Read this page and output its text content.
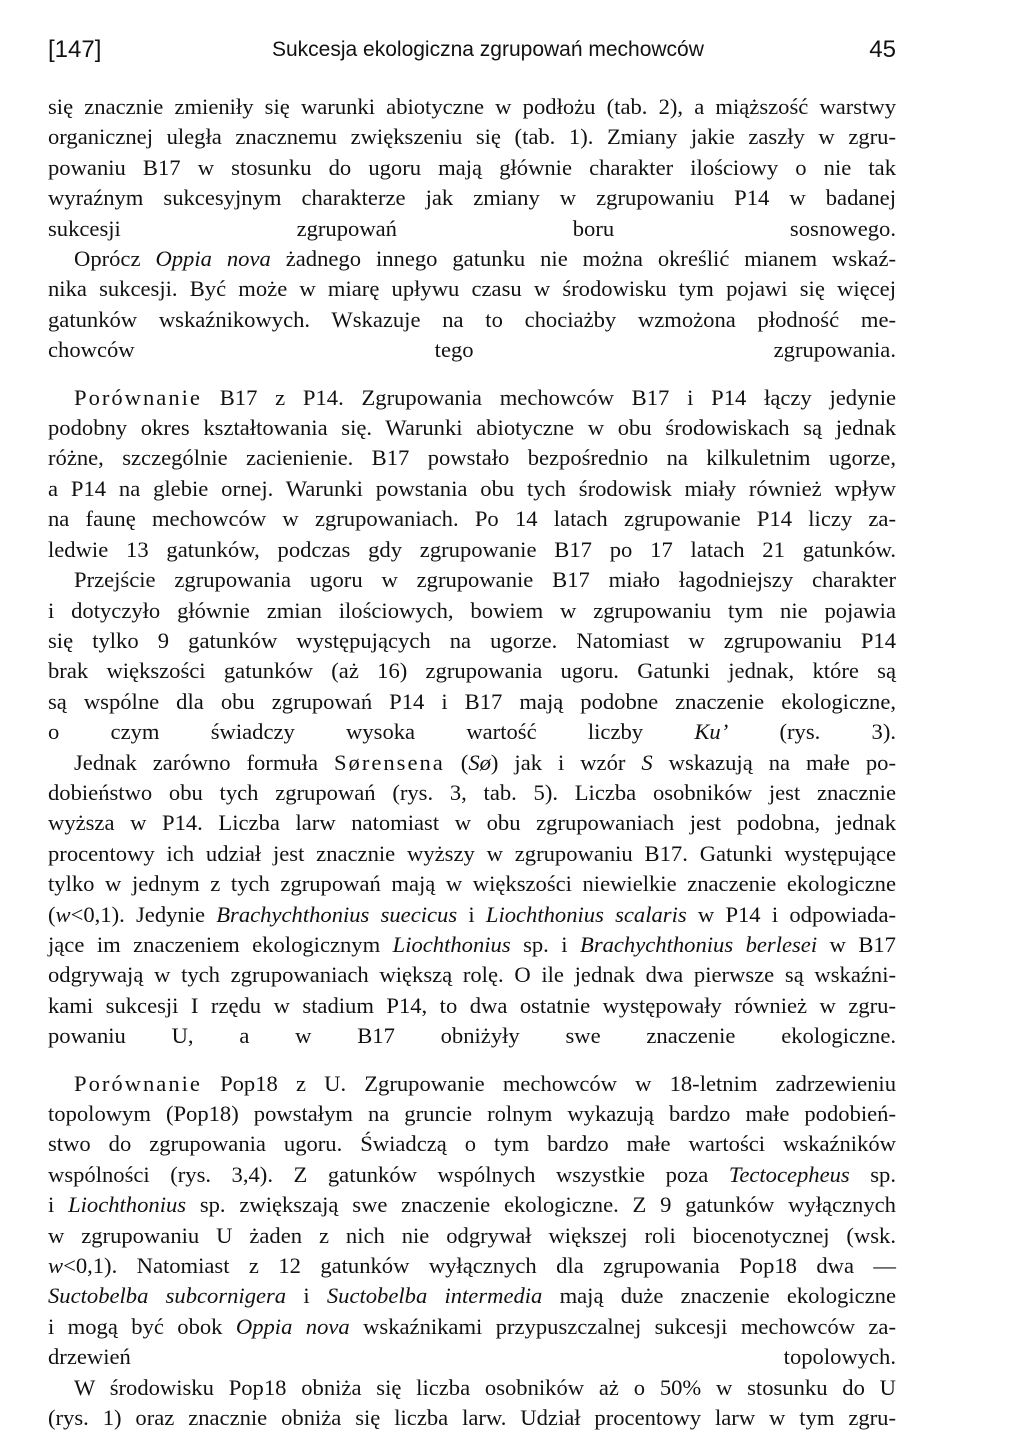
[147]	Sukcesja ekologiczna zgrupowań mechowców	45

się znacznie zmieniły się warunki abiotyczne w podłożu (tab. 2), a miąższość warstwy
organicznej uległa znacznemu zwiększeniu się (tab. 1). Zmiany jakie zaszły w zgru-
powaniu B17 w stosunku do ugoru mają głównie charakter ilościowy o nie tak
wyraźnym sukcesyjnym charakterze jak zmiany w zgrupowaniu P14 w badanej
sukcesji zgrupowań boru sosnowego.

Oprócz Oppia nova żadnego innego gatunku nie można określić mianem wskaź-
nika sukcesji. Być może w miarę upływu czasu w środowisku tym pojawi się więcej
gatunków wskaźnikowych. Wskazuje na to chociażby wzmożona płodność me-
chowców tego zgrupowania.

Porównanie B17 z P14. Zgrupowania mechowców B17 i P14 łączy jedynie
podobny okres kształtowania się. Warunki abiotyczne w obu środowiskach są jednak
różne, szczególnie zacienienie. B17 powstało bezpośrednio na kilkuletnim ugorze,
a P14 na glebie ornej. Warunki powstania obu tych środowisk miały również wpływ
na faunę mechowców w zgrupowaniach. Po 14 latach zgrupowanie P14 liczy za-
ledwie 13 gatunków, podczas gdy zgrupowanie B17 po 17 latach 21 gatunków.

Przejście zgrupowania ugoru w zgrupowanie B17 miało łagodniejszy charakter
i dotyczyło głównie zmian ilościowych, bowiem w zgrupowaniu tym nie pojawia
się tylko 9 gatunków występujących na ugorze. Natomiast w zgrupowaniu P14
brak większości gatunków (aż 16) zgrupowania ugoru. Gatunki jednak, które są
są wspólne dla obu zgrupowań P14 i B17 mają podobne znaczenie ekologiczne,
o czym świadczy wysoka wartość liczby Ku’ (rys. 3).

Jednak zarówno formuła Sørensena (Sø) jak i wzór S wskazują na małe po-
dobieństwo obu tych zgrupowań (rys. 3, tab. 5). Liczba osobników jest znacznie
wyższa w P14. Liczba larw natomiast w obu zgrupowaniach jest podobna, jednak
procentowy ich udział jest znacznie wyższy w zgrupowaniu B17. Gatunki występujące
tylko w jednym z tych zgrupowań mają w większości niewielkie znaczenie ekologiczne
(w<0,1). Jedynie Brachychthonius suecicus i Liochthonius scalaris w P14 i odpowiada-
jące im znaczeniem ekologicznym Liochthonius sp. i Brachychthonius berlesei w B17
odgrywają w tych zgrupowaniach większą rolę. O ile jednak dwa pierwsze są wskaźni-
kami sukcesji I rzędu w stadium P14, to dwa ostatnie występowały również w zgru-
powaniu U, a w B17 obniżyły swe znaczenie ekologiczne.

Porównanie Pop18 z U. Zgrupowanie mechowców w 18-letnim zadrzewieniu
topolowym (Pop18) powstałym na gruncie rolnym wykazują bardzo małe podobień-
stwo do zgrupowania ugoru. Świadczą o tym bardzo małe wartości wskaźników
wspólności (rys. 3,4). Z gatunków wspólnych wszystkie poza Tectocepheus sp.
i Liochthonius sp. zwiększają swe znaczenie ekologiczne. Z 9 gatunków wyłącznych
w zgrupowaniu U żaden z nich nie odgrywał większej roli biocenotycznej (wsk.
w<0,1). Natomiast z 12 gatunków wyłącznych dla zgrupowania Pop18 dwa —
Suctobelba subcornigera i Suctobelba intermedia mają duże znaczenie ekologiczne
i mogą być obok Oppia nova wskaźnikami przypuszczalnej sukcesji mechowców za-
drzewień topolowych.

W środowisku Pop18 obniża się liczba osobników aż o 50% w stosunku do U
(rys. 1) oraz znacznie obniża się liczba larw. Udział procentowy larw w tym zgru-
